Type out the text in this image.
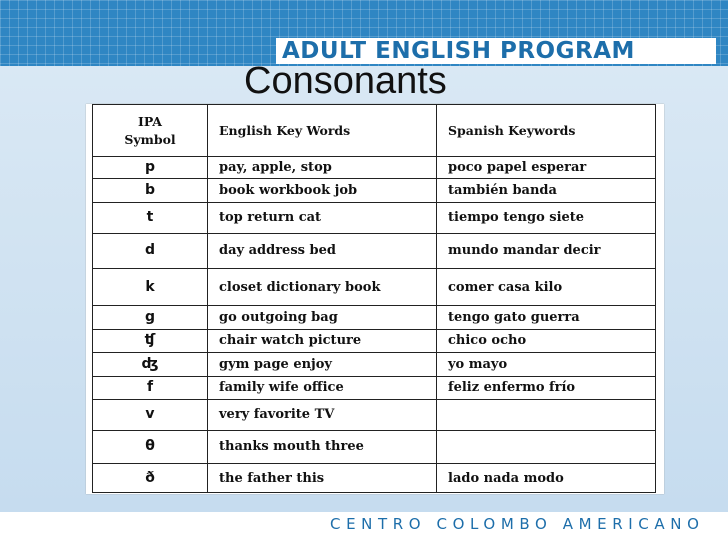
ADULT ENGLISH PROGRAM
Consonants
IPA
Symbol	English Key Words	Spanish Keywords
p	pay, apple, stop	poco papel esperar
b	book workbook job	también banda
t	top return cat	tiempo tengo siete
d	day address bed	mundo mandar decir
k	closet dictionary book	comer casa kilo
g	go outgoing bag	tengo gato guerra
ʧ	chair watch picture	chico ocho
ʤ	gym page enjoy	yo mayo
f	family wife office	feliz enfermo frío
v	very favorite TV	
θ	thanks mouth three	
ð	the father this	lado nada modo
CENTRO COLOMBO AMERICANO
